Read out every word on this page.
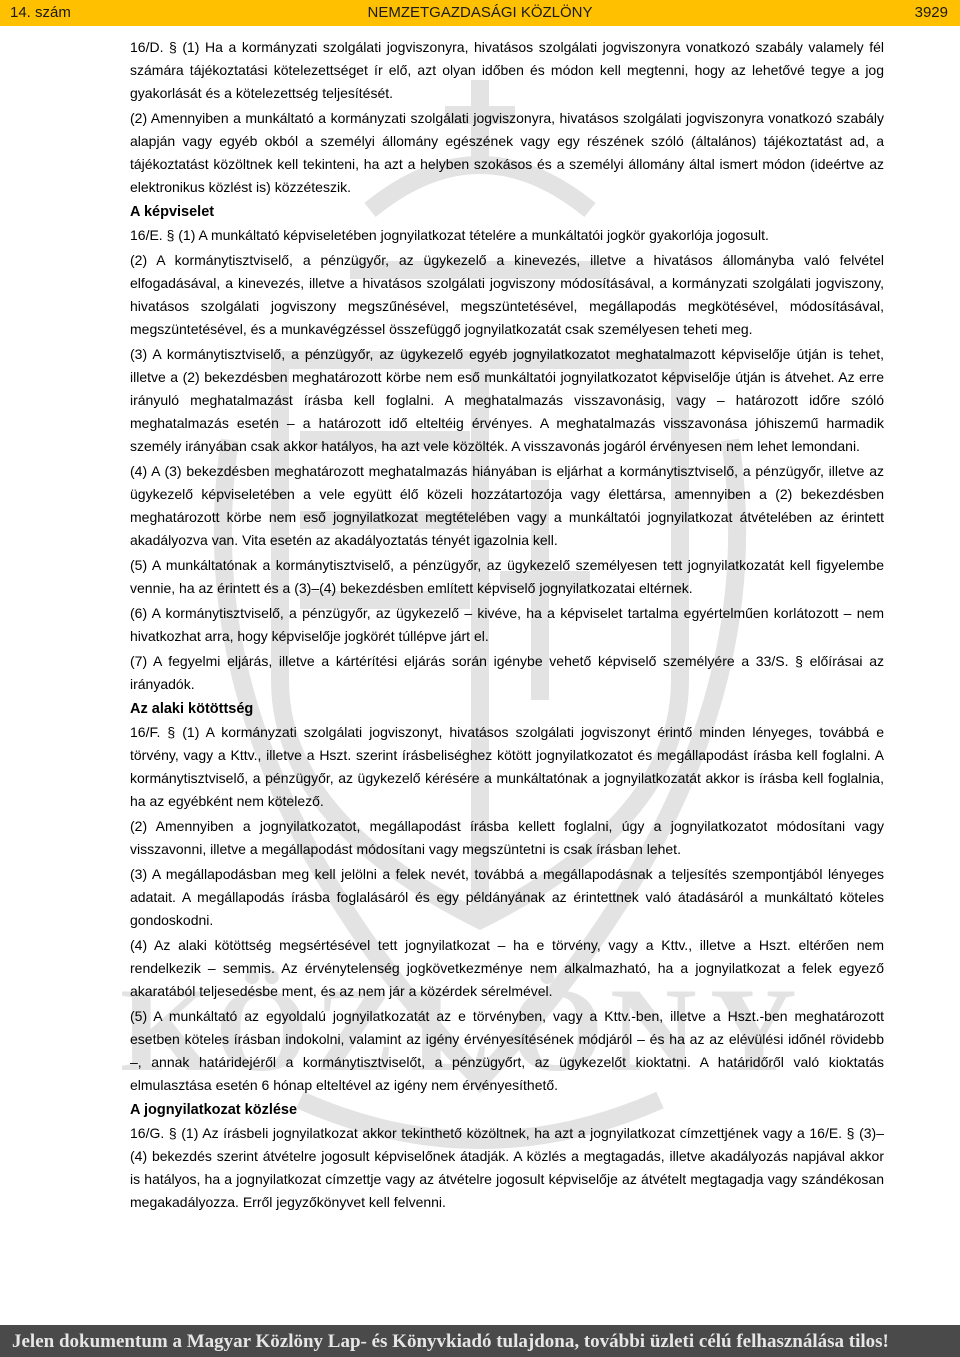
14. szám	NEMZETGAZDASÁGI KÖZLÖNY	3929
K Ö Z L Ö N Y

16/D. § (1) Ha a kormányzati szolgálati jogviszonyra, hivatásos szolgálati jogviszonyra vonatkozó szabály valamely fél számára tájékoztatási kötelezettséget ír elő, azt olyan időben és módon kell megtenni, hogy az lehetővé tegye a jog gyakorlását és a kötelezettség teljesítését.

(2) Amennyiben a munkáltató a kormányzati szolgálati jogviszonyra, hivatásos szolgálati jogviszonyra vonatkozó szabály alapján vagy egyéb okból a személyi állomány egészének vagy egy részének szóló (általános) tájékoztatást ad, a tájékoztatást közöltnek kell tekinteni, ha azt a helyben szokásos és a személyi állomány által ismert módon (ideértve az elektronikus közlést is) közzéteszik.

A képviselet

16/E. § (1) A munkáltató képviseletében jognyilatkozat tételére a munkáltatói jogkör gyakorlója jogosult.

(2) A kormánytisztviselő, a pénzügyőr, az ügykezelő a kinevezés, illetve a hivatásos állományba való felvétel elfogadásával, a kinevezés, illetve a hivatásos szolgálati jogviszony módosításával, a kormányzati szolgálati jogviszony, hivatásos szolgálati jogviszony megszűnésével, megszüntetésével, megállapodás megkötésével, módosításával, megszüntetésével, és a munkavégzéssel összefüggő jognyilatkozatát csak személyesen teheti meg.

(3) A kormánytisztviselő, a pénzügyőr, az ügykezelő egyéb jognyilatkozatot meghatalmazott képviselője útján is tehet, illetve a (2) bekezdésben meghatározott körbe nem eső munkáltatói jognyilatkozatot képviselője útján is átvehet. Az erre irányuló meghatalmazást írásba kell foglalni. A meghatalmazás visszavonásig, vagy – határozott időre szóló meghatalmazás esetén – a határozott idő elteltéig érvényes. A meghatalmazás visszavonása jóhiszemű harmadik személy irányában csak akkor hatályos, ha azt vele közölték. A visszavonás jogáról érvényesen nem lehet lemondani.

(4) A (3) bekezdésben meghatározott meghatalmazás hiányában is eljárhat a kormánytisztviselő, a pénzügyőr, illetve az ügykezelő képviseletében a vele együtt élő közeli hozzátartozója vagy élettársa, amennyiben a (2) bekezdésben meghatározott körbe nem eső jognyilatkozat megtételében vagy a munkáltatói jognyilatkozat átvételében az érintett akadályozva van. Vita esetén az akadályoztatás tényét igazolnia kell.

(5) A munkáltatónak a kormánytisztviselő, a pénzügyőr, az ügykezelő személyesen tett jognyilatkozatát kell figyelembe vennie, ha az érintett és a (3)–(4) bekezdésben említett képviselő jognyilatkozatai eltérnek.

(6) A kormánytisztviselő, a pénzügyőr, az ügykezelő – kivéve, ha a képviselet tartalma egyértelműen korlátozott – nem hivatkozhat arra, hogy képviselője jogkörét túllépve járt el.

(7) A fegyelmi eljárás, illetve a kártérítési eljárás során igénybe vehető képviselő személyére a 33/S. § előírásai az irányadók.

Az alaki kötöttség

16/F. § (1) A kormányzati szolgálati jogviszonyt, hivatásos szolgálati jogviszonyt érintő minden lényeges, továbbá e törvény, vagy a Kttv., illetve a Hszt. szerint írásbeliséghez kötött jognyilatkozatot és megállapodást írásba kell foglalni. A kormánytisztviselő, a pénzügyőr, az ügykezelő kérésére a munkáltatónak a jognyilatkozatát akkor is írásba kell foglalnia, ha az egyébként nem kötelező.

(2) Amennyiben a jognyilatkozatot, megállapodást írásba kellett foglalni, úgy a jognyilatkozatot módosítani vagy visszavonni, illetve a megállapodást módosítani vagy megszüntetni is csak írásban lehet.

(3) A megállapodásban meg kell jelölni a felek nevét, továbbá a megállapodásnak a teljesítés szempontjából lényeges adatait. A megállapodás írásba foglalásáról és egy példányának az érintettnek való átadásáról a munkáltató köteles gondoskodni.

(4) Az alaki kötöttség megsértésével tett jognyilatkozat – ha e törvény, vagy a Kttv., illetve a Hszt. eltérően nem rendelkezik – semmis. Az érvénytelenség jogkövetkezménye nem alkalmazható, ha a jognyilatkozat a felek egyező akaratából teljesedésbe ment, és az nem jár a közérdek sérelmével.

(5) A munkáltató az egyoldalú jognyilatkozatát az e törvényben, vagy a Kttv.-ben, illetve a Hszt.-ben meghatározott esetben köteles írásban indokolni, valamint az igény érvényesítésének módjáról – és ha az az elévülési időnél rövidebb –, annak határidejéről a kormánytisztviselőt, a pénzügyőrt, az ügykezelőt kioktatni. A határidőről való kioktatás elmulasztása esetén 6 hónap elteltével az igény nem érvényesíthető.

A jognyilatkozat közlése

16/G. § (1) Az írásbeli jognyilatkozat akkor tekinthető közöltnek, ha azt a jognyilatkozat címzettjének vagy a 16/E. § (3)–(4) bekezdés szerint átvételre jogosult képviselőnek átadják. A közlés a megtagadás, illetve akadályozás napjával akkor is hatályos, ha a jognyilatkozat címzettje vagy az átvételre jogosult képviselője az átvételt megtagadja vagy szándékosan megakadályozza. Erről jegyzőkönyvet kell felvenni.

Jelen dokumentum a Magyar Közlöny Lap- és Könyvkiadó tulajdona, további üzleti célú felhasználása tilos!
